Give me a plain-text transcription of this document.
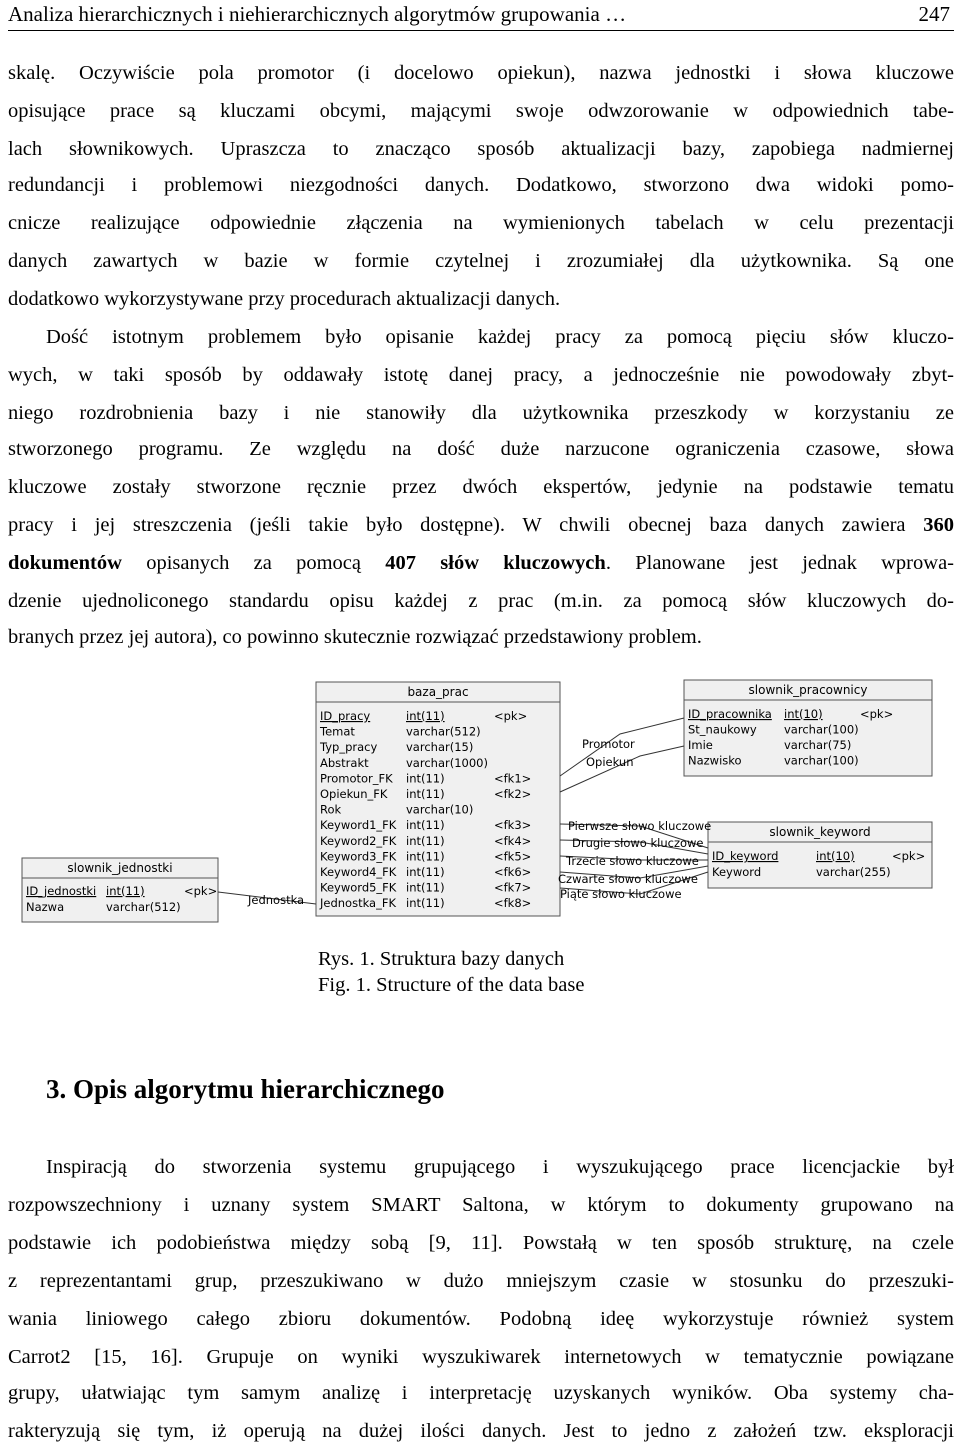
Analiza hierarchicznych i niehierarchicznych algorytmów grupowania …	247
skalę. Oczywiście pola promotor (i docelowo opiekun), nazwa jednostki i słowa kluczowe
opisujące prace są kluczami obcymi, mającymi swoje odwzorowanie w odpowiednich tabe-
lach słownikowych. Upraszcza to znacząco sposób aktualizacji bazy, zapobiega nadmiernej
redundancji i problemowi niezgodności danych. Dodatkowo, stworzono dwa widoki pomo-
cnicze realizujące odpowiednie złączenia na wymienionych tabelach w celu prezentacji
danych zawartych w bazie w formie czytelnej i zrozumiałej dla użytkownika. Są one
dodatkowo wykorzystywane przy procedurach aktualizacji danych.
Dość istotnym problemem było opisanie każdej pracy za pomocą pięciu słów kluczo-
wych, w taki sposób by oddawały istotę danej pracy, a jednocześnie nie powodowały zbyt-
niego rozdrobnienia bazy i nie stanowiły dla użytkownika przeszkody w korzystaniu ze
stworzonego programu. Ze względu na dość duże narzucone ograniczenia czasowe, słowa
kluczowe zostały stworzone ręcznie przez dwóch ekspertów, jedynie na podstawie tematu
pracy i jej streszczenia (jeśli takie było dostępne). W chwili obecnej baza danych zawiera 360
dokumentów opisanych za pomocą 407 słów kluczowych. Planowane jest jednak wprowa-
dzenie ujednoliconego standardu opisu każdej z prac (m.in. za pomocą słów kluczowych do-
branych przez jej autora), co powinno skutecznie rozwiązać przedstawiony problem.
baza_prac
ID_pracy	int(11)	<pk>
Temat	varchar(512)
Typ_pracy varchar(15)
Abstrakt	varchar(1000)
Promotor_FK int(11)	<fk1>
Opiekun_FK int(11)	<fk2>
Rok	varchar(10)
Keyword1_FK int(11)	<fk3>
Keyword2_FK int(11)	<fk4>
Keyword3_FK int(11)	<fk5>
Keyword4_FK int(11)	<fk6>
Keyword5_FK int(11)	<fk7>
Jednostka_FK int(11)	<fk8>
slownik_pracownicy
ID_pracownika int(10)	<pk>
St_naukowy varchar(100)
Imie	varchar(75)
Nazwisko	varchar(100)
slownik_keyword
ID_keyword	int(10)	<pk>
Keyword	varchar(255)
slownik_jednostki
ID_jednostki int(11)	<pk>
Nazwa	varchar(512)
Promotor
Opiekun
Pierwsze słowo kluczowe
Drugie słowo kluczowe
Trzecie słowo kluczowe
Czwarte słowo kluczowe
Piąte słowo kluczowe
Jednostka
Rys. 1. Struktura bazy danych
Fig. 1. Structure of the data base
3. Opis algorytmu hierarchicznego
Inspiracją do stworzenia systemu grupującego i wyszukującego prace licencjackie był
rozpowszechniony i uznany system SMART Saltona, w którym to dokumenty grupowano na
podstawie ich podobieństwa między sobą [9, 11]. Powstałą w ten sposób strukturę, na czele
z reprezentantami grup, przeszukiwano w dużo mniejszym czasie w stosunku do przeszuki-
wania liniowego całego zbioru dokumentów. Podobną ideę wykorzystuje również system
Carrot2 [15, 16]. Grupuje on wyniki wyszukiwarek internetowych w tematycznie powiązane
grupy, ułatwiając tym samym analizę i interpretację uzyskanych wyników. Oba systemy cha-
rakteryzują się tym, iż operują na dużej ilości danych. Jest to jedno z założeń tzw. eksploracji
